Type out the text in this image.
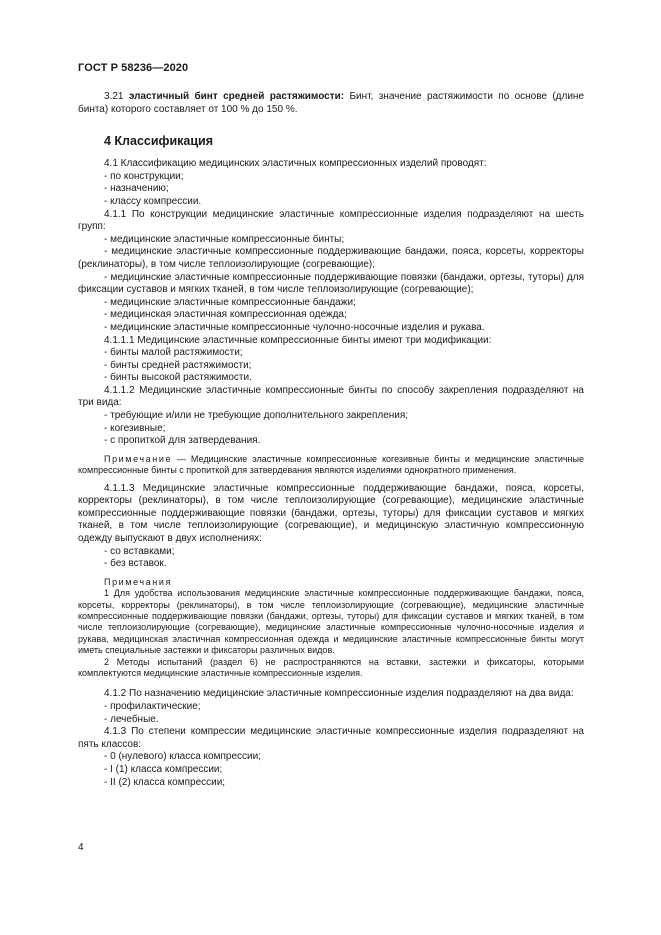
ГОСТ Р 58236—2020

3.21 эластичный бинт средней растяжимости: Бинт, значение растяжимости по основе (длине бинта) которого составляет от 100 % до 150 %.

4 Классификация

4.1 Классификацию медицинских эластичных компрессионных изделий проводят:

- по конструкции;

- назначению;

- классу компрессии.

4.1.1 По конструкции медицинские эластичные компрессионные изделия подразделяют на шесть групп:

- медицинские эластичные компрессионные бинты;

- медицинские эластичные компрессионные поддерживающие бандажи, пояса, корсеты, корректоры (реклинаторы), в том числе теплоизолирующие (согревающие);

- медицинские эластичные компрессионные поддерживающие повязки (бандажи, ортезы, туторы) для фиксации суставов и мягких тканей, в том числе теплоизолирующие (согревающие);

- медицинские эластичные компрессионные бандажи;

- медицинская эластичная компрессионная одежда;

- медицинские эластичные компрессионные чулочно-носочные изделия и рукава.

4.1.1.1 Медицинские эластичные компрессионные бинты имеют три модификации:

- бинты малой растяжимости;

- бинты средней растяжимости;

- бинты высокой растяжимости.

4.1.1.2 Медицинские эластичные компрессионные бинты по способу закрепления подразделяют на три вида:

- требующие и/или не требующие дополнительного закрепления;

- когезивные;

- с пропиткой для затвердевания.

Примечание — Медицинские эластичные компрессионные когезивные бинты и медицинские эластичные компрессионные бинты с пропиткой для затвердевания являются изделиями однократного применения.

4.1.1.3 Медицинские эластичные компрессионные поддерживающие бандажи, пояса, корсеты, корректоры (реклинаторы), в том числе теплоизолирующие (согревающие), медицинские эластичные компрессионные поддерживающие повязки (бандажи, ортезы, туторы) для фиксации суставов и мягких тканей, в том числе теплоизолирующие (согревающие), и медицинскую эластичную компрессионную одежду выпускают в двух исполнениях:

- со вставками;

- без вставок.

Примечания

1 Для удобства использования медицинские эластичные компрессионные поддерживающие бандажи, пояса, корсеты, корректоры (реклинаторы), в том числе теплоизолирующие (согревающие), медицинские эластичные компрессионные поддерживающие повязки (бандажи, ортезы, туторы) для фиксации суставов и мягких тканей, в том числе теплоизолирующие (согревающие), медицинские эластичные компрессионные чулочно-носочные изделия и рукава, медицинская эластичная компрессионная одежда и медицинские эластичные компрессионные бинты могут иметь специальные застежки и фиксаторы различных видов.

2 Методы испытаний (раздел 6) не распространяются на вставки, застежки и фиксаторы, которыми комплектуются медицинские эластичные компрессионные изделия.

4.1.2 По назначению медицинские эластичные компрессионные изделия подразделяют на два вида:

- профилактические;

- лечебные.

4.1.3 По степени компрессии медицинские эластичные компрессионные изделия подразделяют на пять классов:

- 0 (нулевого) класса компрессии;

- I (1) класса компрессии;

- II (2) класса компрессии;

4
